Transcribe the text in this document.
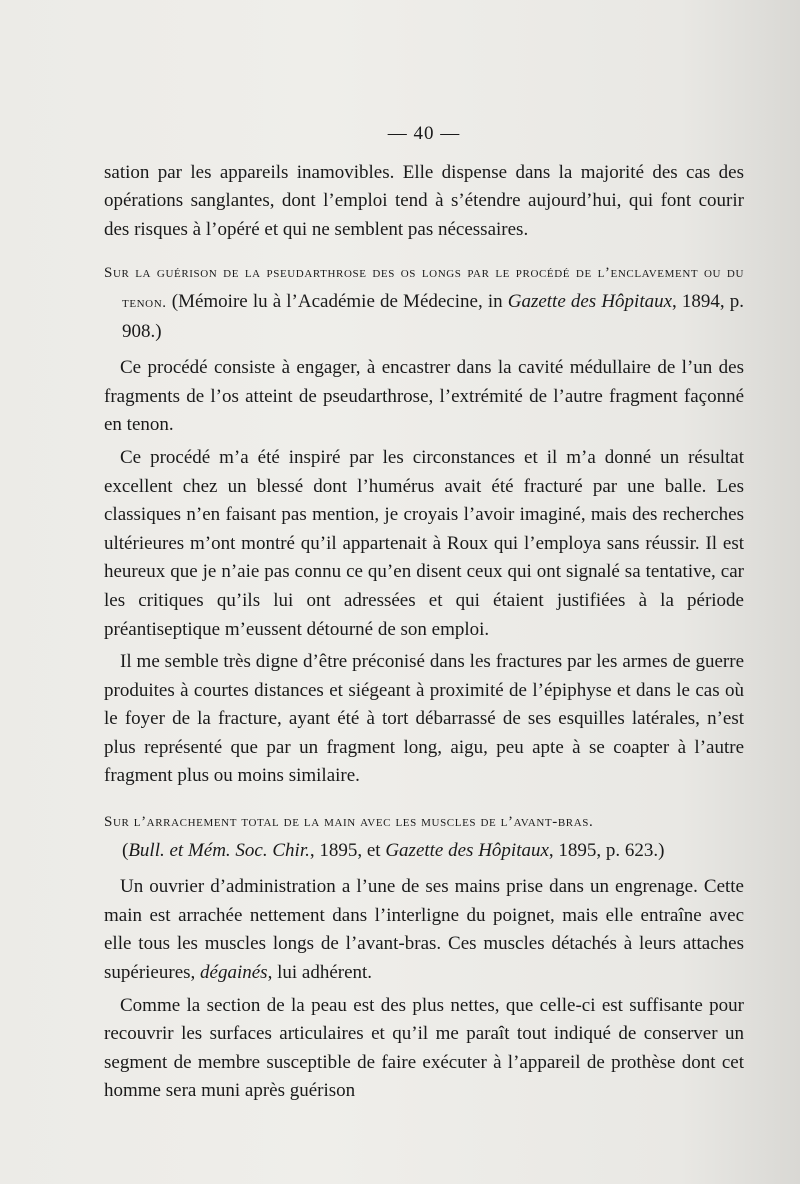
— 40 —

sation par les appareils inamovibles. Elle dispense dans la majorité des cas des opérations sanglantes, dont l’emploi tend à s’étendre aujourd’hui, qui font courir des risques à l’opéré et qui ne semblent pas nécessaires.

Sur la guérison de la pseudarthrose des os longs par le procédé de l’enclavement ou du tenon. (Mémoire lu à l’Académie de Médecine, in Gazette des Hôpitaux, 1894, p. 908.)

Ce procédé consiste à engager, à encastrer dans la cavité médullaire de l’un des fragments de l’os atteint de pseudarthrose, l’extrémité de l’autre fragment façonné en tenon.

Ce procédé m’a été inspiré par les circonstances et il m’a donné un résultat excellent chez un blessé dont l’humérus avait été fracturé par une balle. Les classiques n’en faisant pas mention, je croyais l’avoir imaginé, mais des recherches ultérieures m’ont montré qu’il appartenait à Roux qui l’employa sans réussir. Il est heureux que je n’aie pas connu ce qu’en disent ceux qui ont signalé sa tentative, car les critiques qu’ils lui ont adressées et qui étaient justifiées à la période préantiseptique m’eussent détourné de son emploi.

Il me semble très digne d’être préconisé dans les fractures par les armes de guerre produites à courtes distances et siégeant à proximité de l’épiphyse et dans le cas où le foyer de la fracture, ayant été à tort débarrassé de ses esquilles latérales, n’est plus représenté que par un fragment long, aigu, peu apte à se coapter à l’autre fragment plus ou moins similaire.

Sur l’arrachement total de la main avec les muscles de l’avant-bras.

(Bull. et Mém. Soc. Chir., 1895, et Gazette des Hôpitaux, 1895, p. 623.)

Un ouvrier d’administration a l’une de ses mains prise dans un engrenage. Cette main est arrachée nettement dans l’interligne du poignet, mais elle entraîne avec elle tous les muscles longs de l’avant-bras. Ces muscles détachés à leurs attaches supérieures, dégainés, lui adhérent.

Comme la section de la peau est des plus nettes, que celle-ci est suffisante pour recouvrir les surfaces articulaires et qu’il me paraît tout indiqué de conserver un segment de membre susceptible de faire exécuter à l’appareil de prothèse dont cet homme sera muni après guérison
